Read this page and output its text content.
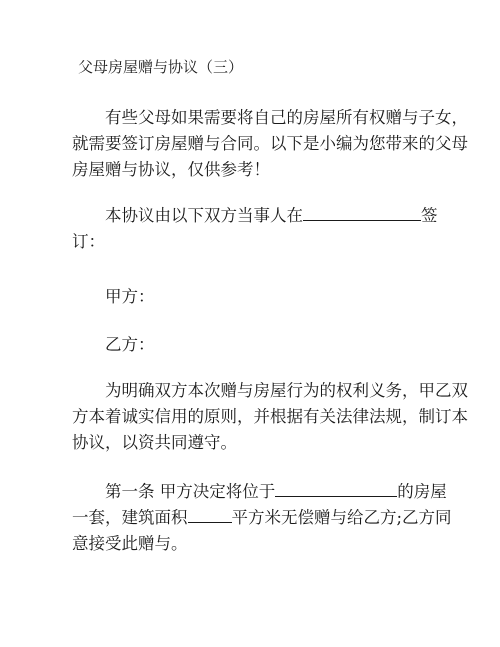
父母房屋赠与协议（三）
有些父母如果需要将自己的房屋所有权赠与子女，
就需要签订房屋赠与合同。以下是小编为您带来的父母
房屋赠与协议，仅供参考！
本协议由以下双方当事人在	签
订：
甲方：
乙方：
为明确双方本次赠与房屋行为的权利义务，甲乙双
方本着诚实信用的原则，并根据有关法律法规，制订本
协议，以资共同遵守。
第一条 甲方决定将位于	的房屋
一套，建筑面积	平方米无偿赠与给乙方;乙方同
意接受此赠与。
